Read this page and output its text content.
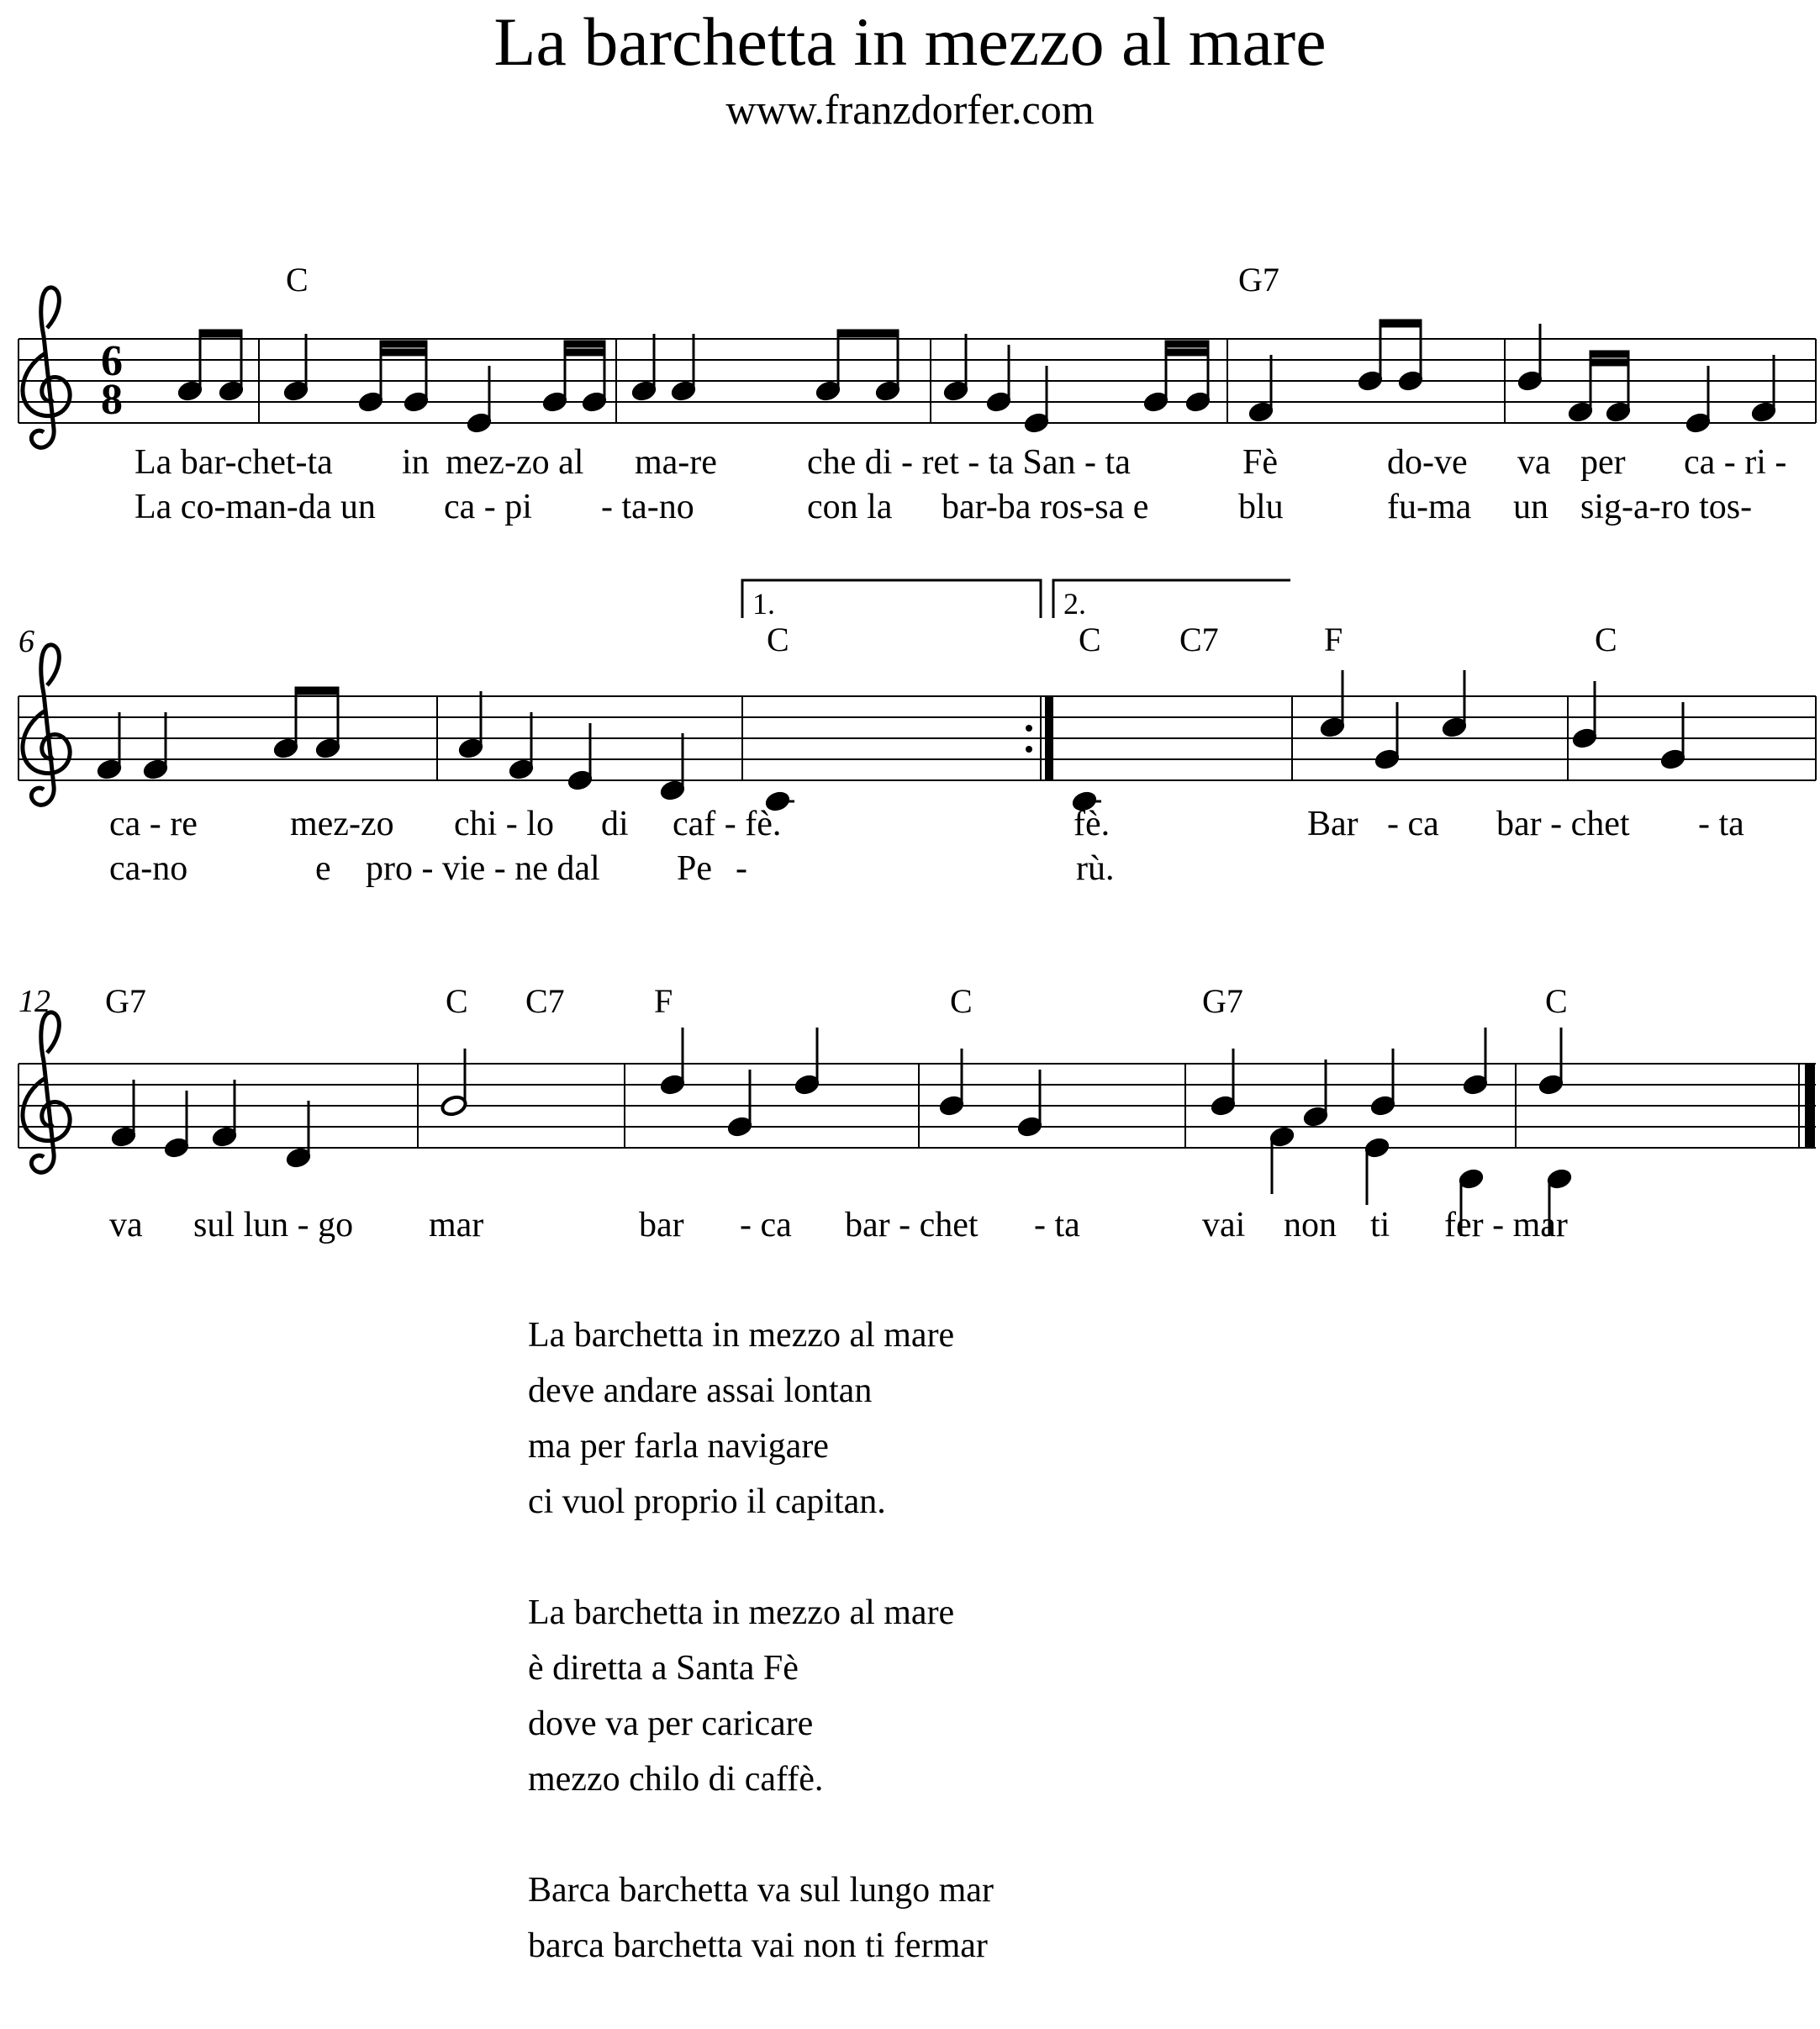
La barchetta in mezzo al mare
www.franzdorfer.com
6
8
6
12
1.	2.
C	G7
C	C C7	F	C
G7	C C7	F	C	G7	C
La bar-chet-ta in mez-zo al ma-re	che di - ret - ta San - ta	Fè	do-ve va per ca - ri -
La co-man-da un ca - pi - ta-no	con la bar-ba ros-sa e	blu	fu-ma un sig-a-ro tos-
ca - re	mez-zo chi - lo di caf - fè.	fè.	Bar - ca bar - chet - ta
ca-no	e pro - vie - ne dal Pe -	rù.
va sul lun - go mar	bar - ca bar - chet - ta	vai non ti fer - mar
La barchetta in mezzo al mare
deve andare assai lontan
ma per farla navigare
ci vuol proprio il capitan.
La barchetta in mezzo al mare
è diretta a Santa Fè
dove va per caricare
mezzo chilo di caffè.
Barca barchetta va sul lungo mar
barca barchetta vai non ti fermar
